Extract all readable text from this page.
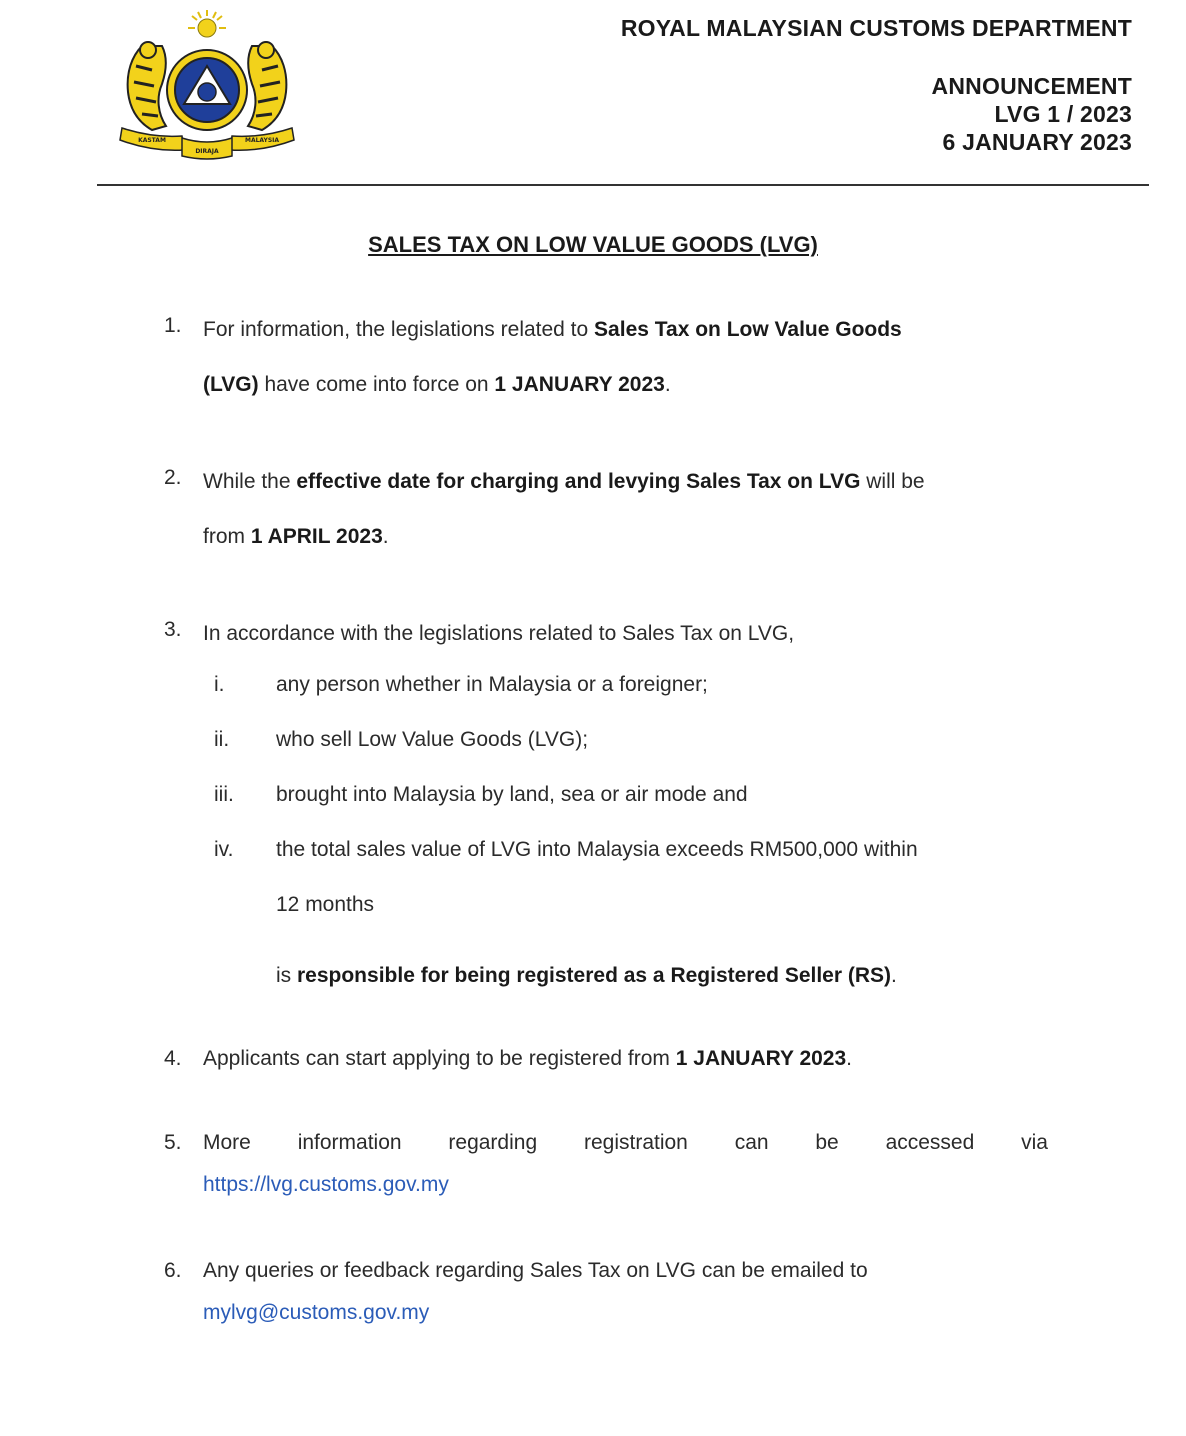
KASTAM
DIRAJA
MALAYSIA
ROYAL MALAYSIAN CUSTOMS DEPARTMENT
ANNOUNCEMENT
LVG 1 / 2023
6 JANUARY 2023
SALES TAX ON LOW VALUE GOODS (LVG)
1. For information, the legislations related to Sales Tax on Low Value Goods
(LVG) have come into force on 1 JANUARY 2023.
2. While the effective date for charging and levying Sales Tax on LVG will be
from 1 APRIL 2023.
3. In accordance with the legislations related to Sales Tax on LVG,
i. any person whether in Malaysia or a foreigner;
ii. who sell Low Value Goods (LVG);
iii. brought into Malaysia by land, sea or air mode and
iv. the total sales value of LVG into Malaysia exceeds RM500,000 within
12 months
is responsible for being registered as a Registered Seller (RS).
4. Applicants can start applying to be registered from 1 JANUARY 2023.
5. More information regarding registration can be accessed via
https://lvg.customs.gov.my
6. Any queries or feedback regarding Sales Tax on LVG can be emailed to
mylvg@customs.gov.my
